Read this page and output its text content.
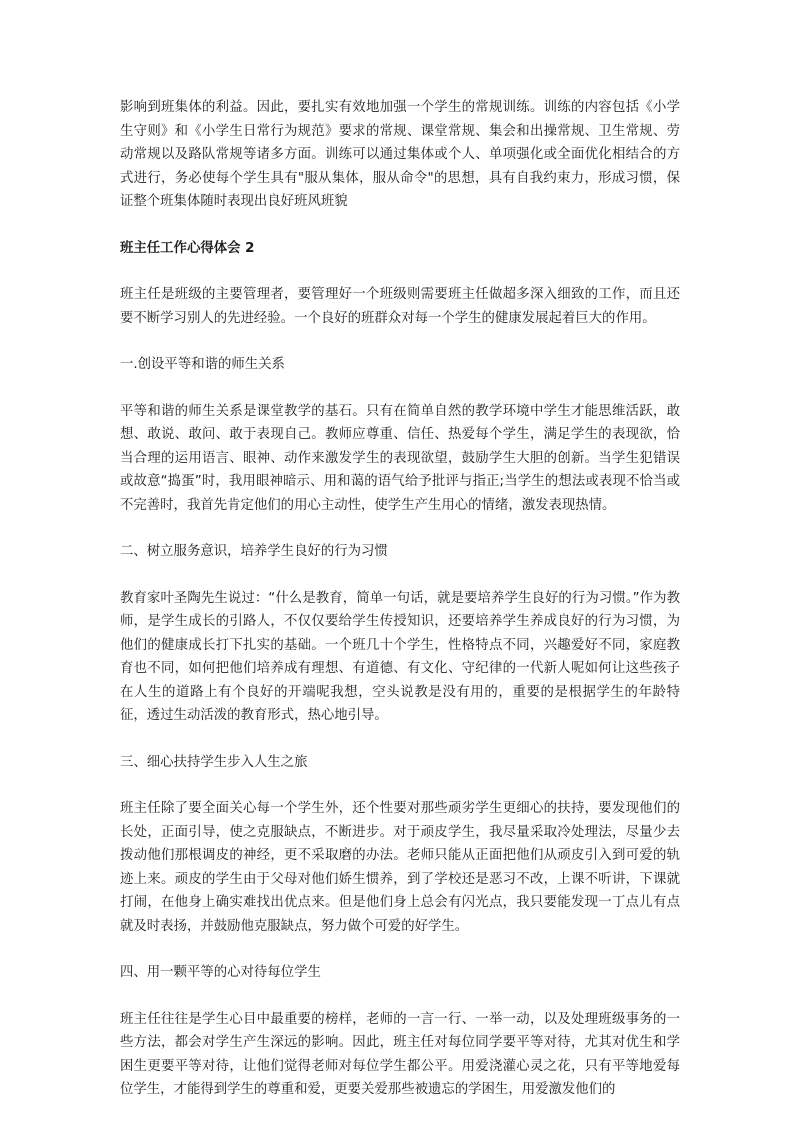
影响到班集体的利益。因此，要扎实有效地加强一个学生的常规训练。训练的内容包括《小学生守则》和《小学生日常行为规范》要求的常规、课堂常规、集会和出操常规、卫生常规、劳动常规以及路队常规等诸多方面。训练可以通过集体或个人、单项强化或全面优化相结合的方式进行，务必使每个学生具有"服从集体，服从命令"的思想，具有自我约束力，形成习惯，保证整个班集体随时表现出良好班风班貌

班主任工作心得体会 2

班主任是班级的主要管理者，要管理好一个班级则需要班主任做超多深入细致的工作，而且还要不断学习别人的先进经验。一个良好的班群众对每一个学生的健康发展起着巨大的作用。

一.创设平等和谐的师生关系

平等和谐的师生关系是课堂教学的基石。只有在简单自然的教学环境中学生才能思维活跃，敢想、敢说、敢问、敢于表现自己。教师应尊重、信任、热爱每个学生，满足学生的表现欲，恰当合理的运用语言、眼神、动作来激发学生的表现欲望，鼓励学生大胆的创新。当学生犯错误或故意“捣蛋”时，我用眼神暗示、用和蔼的语气给予批评与指正;当学生的想法或表现不恰当或不完善时，我首先肯定他们的用心主动性，使学生产生用心的情绪，激发表现热情。

二、树立服务意识，培养学生良好的行为习惯

教育家叶圣陶先生说过：“什么是教育，简单一句话，就是要培养学生良好的行为习惯。”作为教师，是学生成长的引路人，不仅仅要给学生传授知识，还要培养学生养成良好的行为习惯，为他们的健康成长打下扎实的基础。一个班几十个学生，性格特点不同，兴趣爱好不同，家庭教育也不同，如何把他们培养成有理想、有道德、有文化、守纪律的一代新人呢如何让这些孩子在人生的道路上有个良好的开端呢我想，空头说教是没有用的，重要的是根据学生的年龄特征，透过生动活泼的教育形式，热心地引导。

三、细心扶持学生步入人生之旅

班主任除了要全面关心每一个学生外，还个性要对那些顽劣学生更细心的扶持，要发现他们的长处，正面引导，使之克服缺点，不断进步。对于顽皮学生，我尽量采取冷处理法，尽量少去拨动他们那根调皮的神经，更不采取磨的办法。老师只能从正面把他们从顽皮引入到可爱的轨迹上来。顽皮的学生由于父母对他们娇生惯养，到了学校还是恶习不改，上课不听讲，下课就打闹，在他身上确实难找出优点来。但是他们身上总会有闪光点，我只要能发现一丁点儿有点就及时表扬，并鼓励他克服缺点，努力做个可爱的好学生。

四、用一颗平等的心对待每位学生

班主任往往是学生心目中最重要的榜样，老师的一言一行、一举一动，以及处理班级事务的一些方法，都会对学生产生深远的影响。因此，班主任对每位同学要平等对待，尤其对优生和学困生更要平等对待，让他们觉得老师对每位学生都公平。用爱浇灌心灵之花，只有平等地爱每位学生，才能得到学生的尊重和爱，更要关爱那些被遗忘的学困生，用爱激发他们的
